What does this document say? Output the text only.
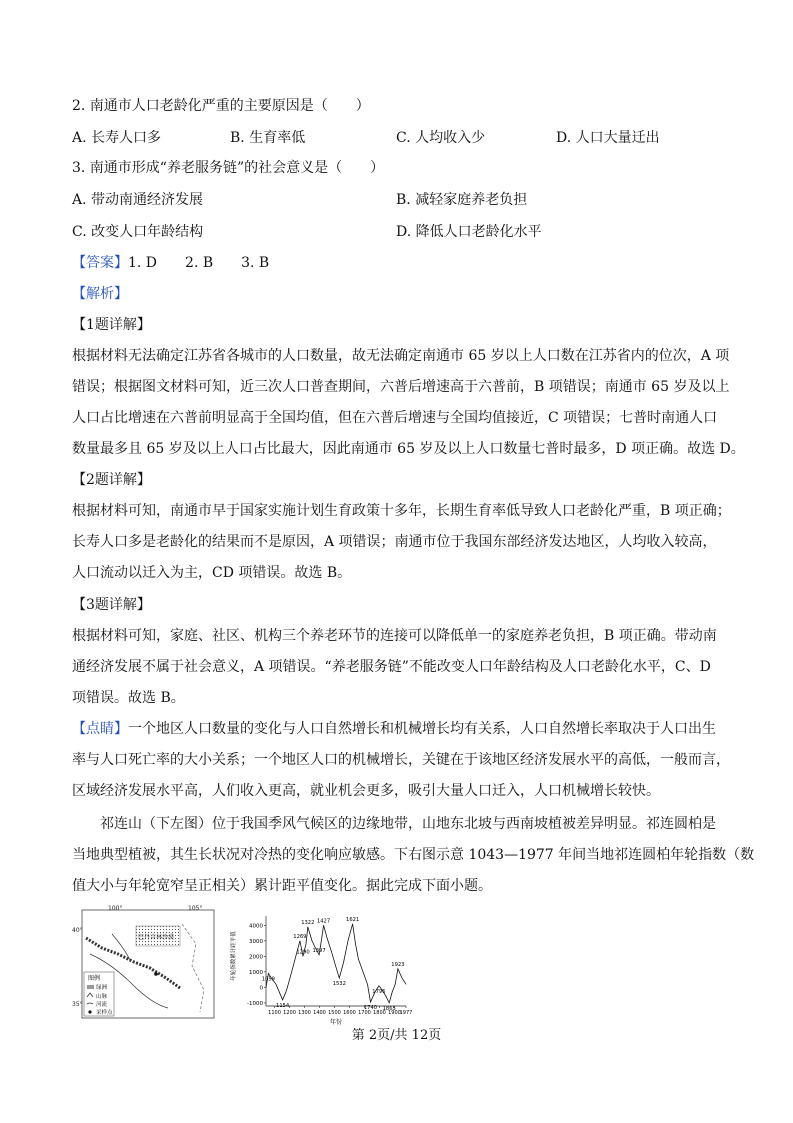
2. 南通市人口老龄化严重的主要原因是（　　）
A. 长寿人口多	B. 生育率低	C. 人均收入少	D. 人口大量迁出
3. 南通市形成“养老服务链”的社会意义是（　　）
A. 带动南通经济发展	B. 减轻家庭养老负担
C. 改变人口年龄结构	D. 降低人口老龄化水平
【答案】1. D　　2. B　　3. B
【解析】
【1题详解】
根据材料无法确定江苏省各城市的人口数量，故无法确定南通市 65 岁以上人口数在江苏省内的位次，A 项
错误；根据图文材料可知，近三次人口普查期间，六普后增速高于六普前，B 项错误；南通市 65 岁及以上
人口占比增速在六普前明显高于全国均值，但在六普后增速与全国均值接近，C 项错误；七普时南通人口
数量最多且 65 岁及以上人口占比最大，因此南通市 65 岁及以上人口数量七普时最多，D 项正确。故选 D。
【2题详解】
根据材料可知，南通市早于国家实施计划生育政策十多年，长期生育率低导致人口老龄化严重，B 项正确；
长寿人口多是老龄化的结果而不是原因，A 项错误；南通市位于我国东部经济发达地区，人均收入较高，
人口流动以迁入为主，CD 项错误。故选 B。
【3题详解】
根据材料可知，家庭、社区、机构三个养老环节的连接可以降低单一的家庭养老负担，B 项正确。带动南
通经济发展不属于社会意义，A 项错误。“养老服务链”不能改变人口年龄结构及人口老龄化水平，C、D
项错误。故选 B。
【点睛】一个地区人口数量的变化与人口自然增长和机械增长均有关系，人口自然增长率取决于人口出生
率与人口死亡率的大小关系；一个地区人口的机械增长，关键在于该地区经济发展水平的高低，一般而言，
区域经济发展水平高，人们收入更高，就业机会更多，吸引大量人口迁入，人口机械增长较快。
祁连山（下左图）位于我国季风气候区的边缘地带，山地东北坡与西南坡植被差异明显。祁连圆柏是
当地典型植被，其生长状况对冷热的变化响应敏感。下右图示意 1043—1977 年间当地祁连圆柏年轮指数（数
值大小与年轮宽窄呈正相关）累计距平值变化。据此完成下面小题。
100°	105°
40°
35°
巴丹吉林沙漠
图例
绿洲
山脉
河流
采样点
年轮指数累计距平值
年份
-1000
0
1000
2000
3000
4000
1100 1200 1300 1400 1500 1600 1700 1800 1900
1977
1059
1154
1269
1290
1322
1397
1427
1532
1621
1740
1796
1865
1923
第 2页/共 12页
